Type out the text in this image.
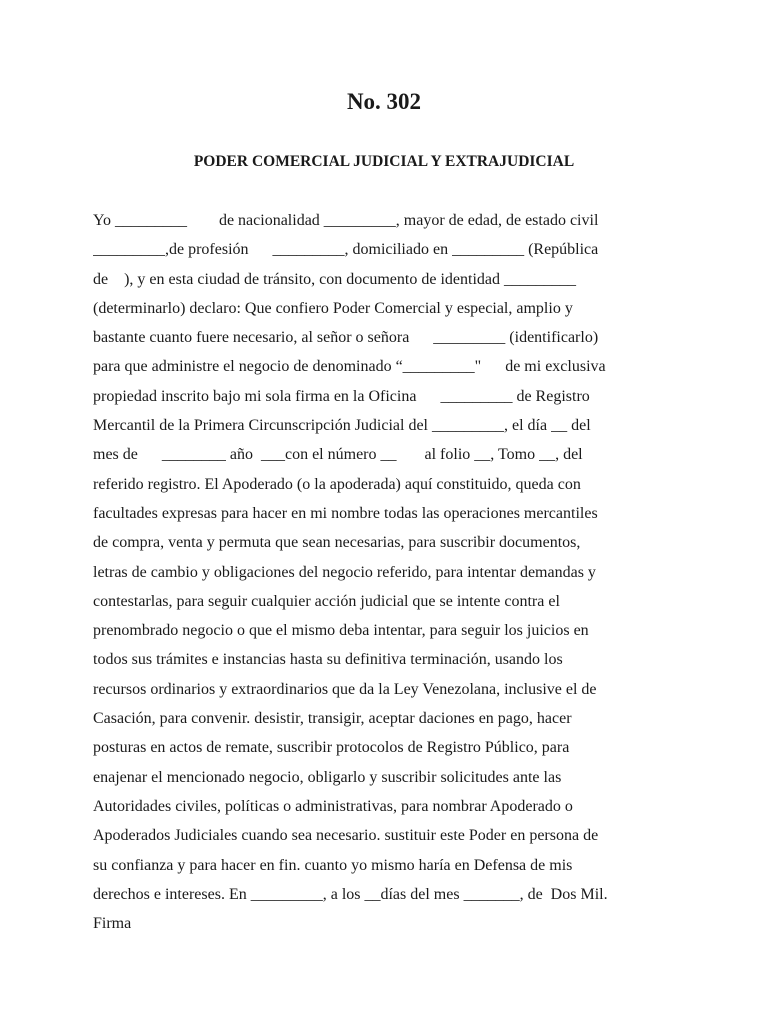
No. 302
PODER COMERCIAL JUDICIAL Y EXTRAJUDICIAL
Yo _________        de nacionalidad _________, mayor de edad, de estado civil
_________,de profesión      _________, domiciliado en _________ (República
de    ), y en esta ciudad de tránsito, con documento de identidad _________
(determinarlo) declaro: Que confiero Poder Comercial y especial, amplio y
bastante cuanto fuere necesario, al señor o señora      _________ (identificarlo)
para que administre el negocio de denominado “_________"      de mi exclusiva
propiedad inscrito bajo mi sola firma en la Oficina      _________ de Registro
Mercantil de la Primera Circunscripción Judicial del _________, el día __ del
mes de      ________ año  ___con el número __       al folio __, Tomo __, del
referido registro. El Apoderado (o la apoderada) aquí constituido, queda con
facultades expresas para hacer en mi nombre todas las operaciones mercantiles
de compra, venta y permuta que sean necesarias, para suscribir documentos,
letras de cambio y obligaciones del negocio referido, para intentar demandas y
contestarlas, para seguir cualquier acción judicial que se intente contra el
prenombrado negocio o que el mismo deba intentar, para seguir los juicios en
todos sus trámites e instancias hasta su definitiva terminación, usando los
recursos ordinarios y extraordinarios que da la Ley Venezolana, inclusive el de
Casación, para convenir. desistir, transigir, aceptar daciones en pago, hacer
posturas en actos de remate, suscribir protocolos de Registro Público, para
enajenar el mencionado negocio, obligarlo y suscribir solicitudes ante las
Autoridades civiles, políticas o administrativas, para nombrar Apoderado o
Apoderados Judiciales cuando sea necesario. sustituir este Poder en persona de
su confianza y para hacer en fin. cuanto yo mismo haría en Defensa de mis
derechos e intereses. En _________, a los __días del mes _______, de  Dos Mil.
Firma
